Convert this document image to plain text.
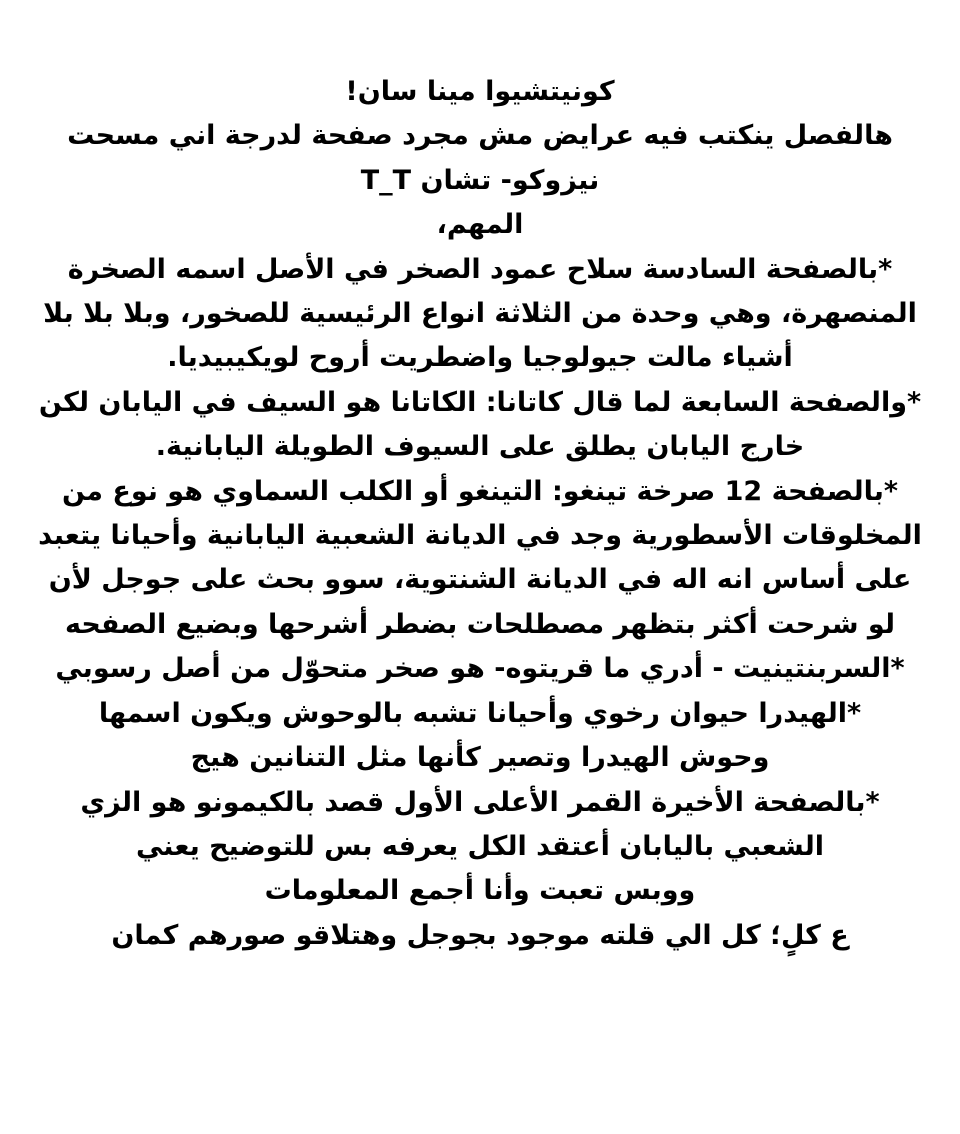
كونيتشيوا مينا سان!
هالفصل ينكتب فيه عرايض مش مجرد صفحة لدرجة اني مسحت
نيزوكو- تشان T_T
المهم،
*بالصفحة السادسة سلاح عمود الصخر في الأصل اسمه الصخرة
المنصهرة، وهي وحدة من الثلاثة انواع الرئيسية للصخور، وبلا بلا بلا
أشياء مالت جيولوجيا واضطريت أروح لويكيبيديا.
*والصفحة السابعة لما قال كاتانا: الكاتانا هو السيف في اليابان لكن
خارج اليابان يطلق على السيوف الطويلة اليابانية.
*بالصفحة 12 صرخة تينغو: التينغو أو الكلب السماوي هو نوع من
المخلوقات الأسطورية وجد في الديانة الشعبية اليابانية وأحيانا يتعبد
على أساس انه اله في الديانة الشنتوية، سوو بحث على جوجل لأن
لو شرحت أكثر بتظهر مصطلحات بضطر أشرحها وبضيع الصفحه
*السربنتينيت - أدري ما قريتوه- هو صخر متحوّل من أصل رسوبي
*الهيدرا حيوان رخوي وأحيانا تشبه بالوحوش ويكون اسمها
وحوش الهيدرا وتصير كأنها مثل التنانين هيج
*بالصفحة الأخيرة القمر الأعلى الأول قصد بالكيمونو هو الزي
الشعبي باليابان أعتقد الكل يعرفه بس للتوضيح يعني
ووبس تعبت وأنا أجمع المعلومات
ع كلٍ؛ كل الي قلته موجود بجوجل وهتلاقو صورهم كمان
